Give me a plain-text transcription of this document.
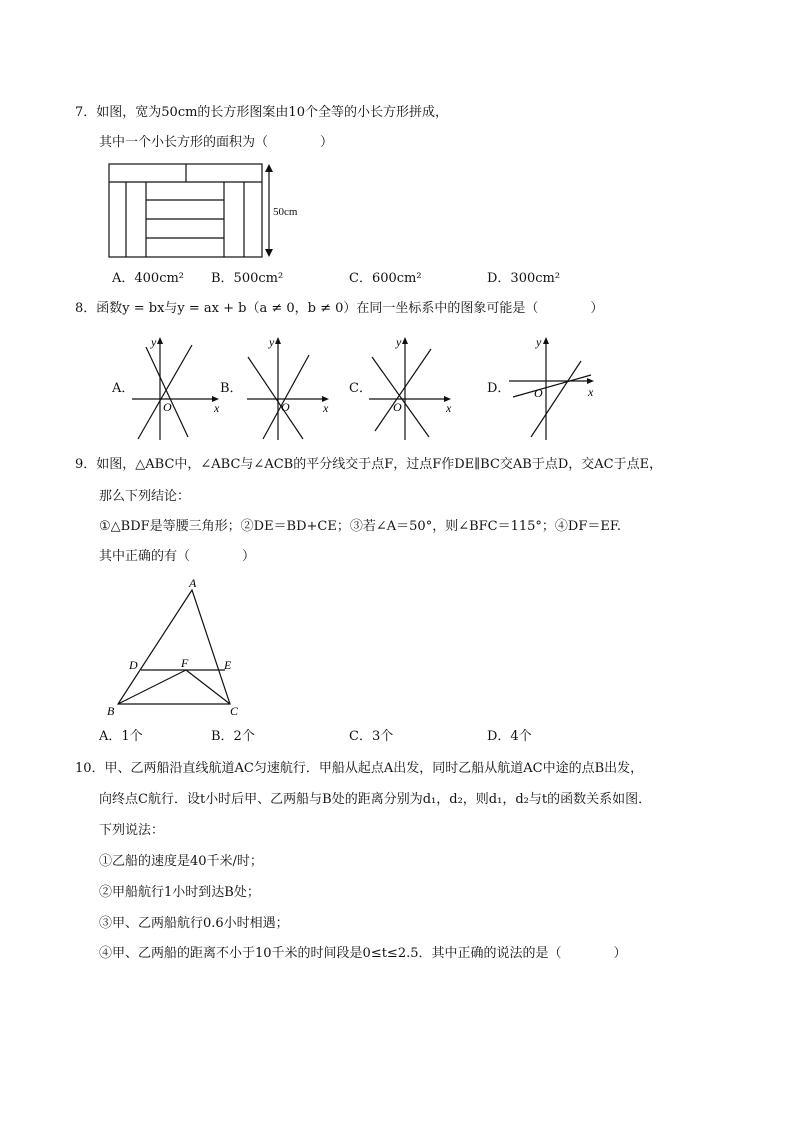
7．如图，宽为50cm的长方形图案由10个全等的小长方形拼成，
其中一个小长方形的面积为（　　　　）
50cm
A．400cm² B．500cm²	C．600cm²	D．300cm²
8．函数y = bx与y = ax + b（a ≠ 0，b ≠ 0）在同一坐标系中的图象可能是（　　　　）
A．	B．	C．	D．
y
x
O
y
x
O
y
x
O
y
x
O
9．如图，△ABC中，∠ABC与∠ACB的平分线交于点F，过点F作DE∥BC交AB于点D，交AC于点E，
那么下列结论：
①△BDF是等腰三角形；②DE＝BD+CE；③若∠A＝50°，则∠BFC＝115°；④DF＝EF.
其中正确的有（　　　　）
A
D	F	E
B	C
A．1个	B．2个	C．3个	D．4个
10．甲、乙两船沿直线航道AC匀速航行．甲船从起点A出发，同时乙船从航道AC中途的点B出发，
向终点C航行．设t小时后甲、乙两船与B处的距离分别为d₁，d₂，则d₁，d₂与t的函数关系如图．
下列说法：
①乙船的速度是40千米/时；
②甲船航行1小时到达B处；
③甲、乙两船航行0.6小时相遇；
④甲、乙两船的距离不小于10千米的时间段是0≤t≤2.5．其中正确的说法的是（　　　　）
